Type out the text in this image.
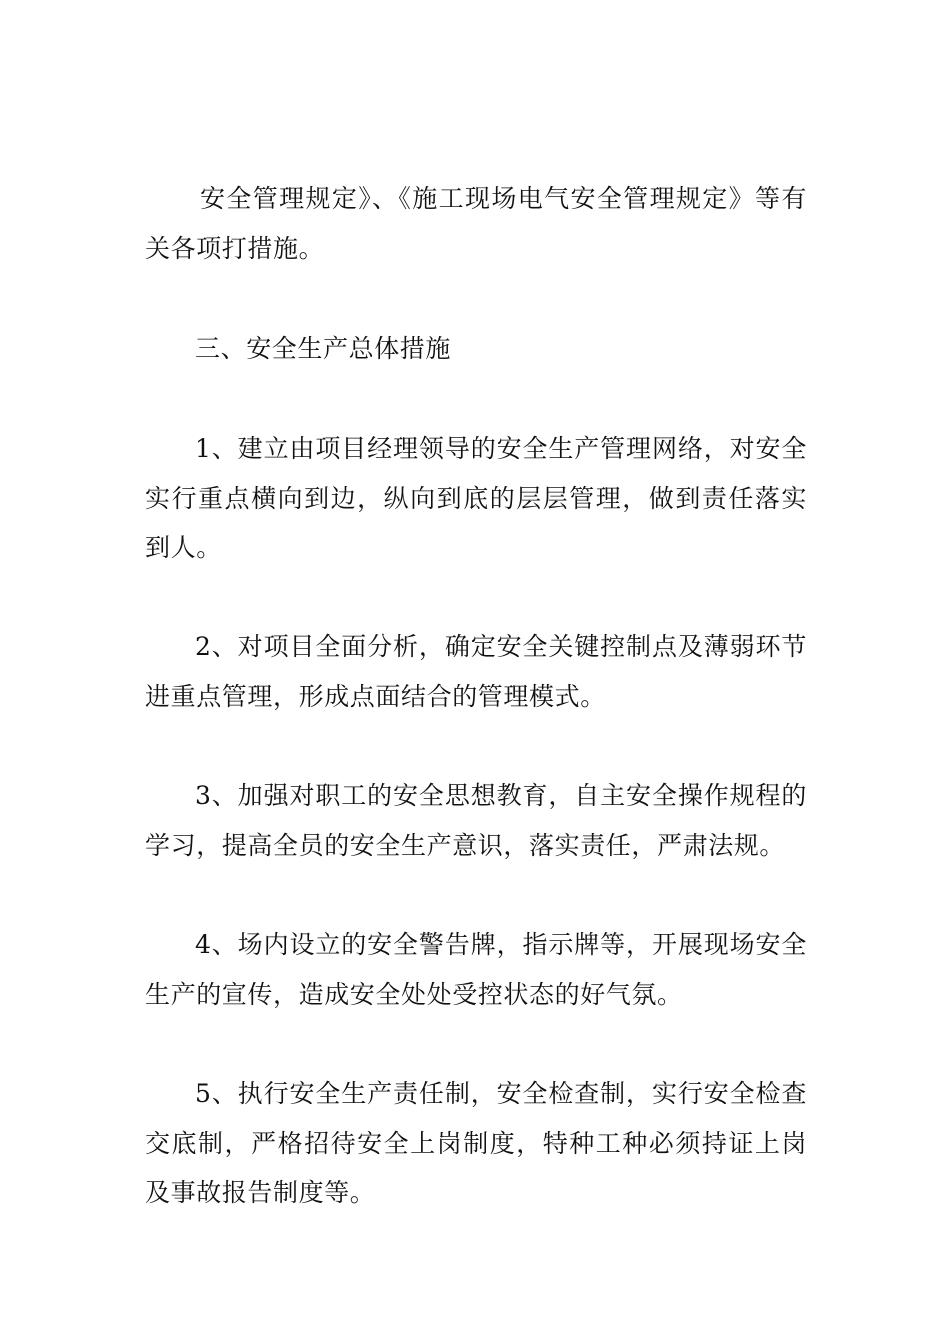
安全管理规定》、《施工现场电气安全管理规定》等有关各项打措施。

三、安全生产总体措施

1、建立由项目经理领导的安全生产管理网络，对安全实行重点横向到边，纵向到底的层层管理，做到责任落实到人。

2、对项目全面分析，确定安全关键控制点及薄弱环节进重点管理，形成点面结合的管理模式。

3、加强对职工的安全思想教育，自主安全操作规程的学习，提高全员的安全生产意识，落实责任，严肃法规。

4、场内设立的安全警告牌，指示牌等，开展现场安全生产的宣传，造成安全处处受控状态的好气氛。

5、执行安全生产责任制，安全检查制，实行安全检查交底制，严格招待安全上岗制度，特种工种必须持证上岗及事故报告制度等。
